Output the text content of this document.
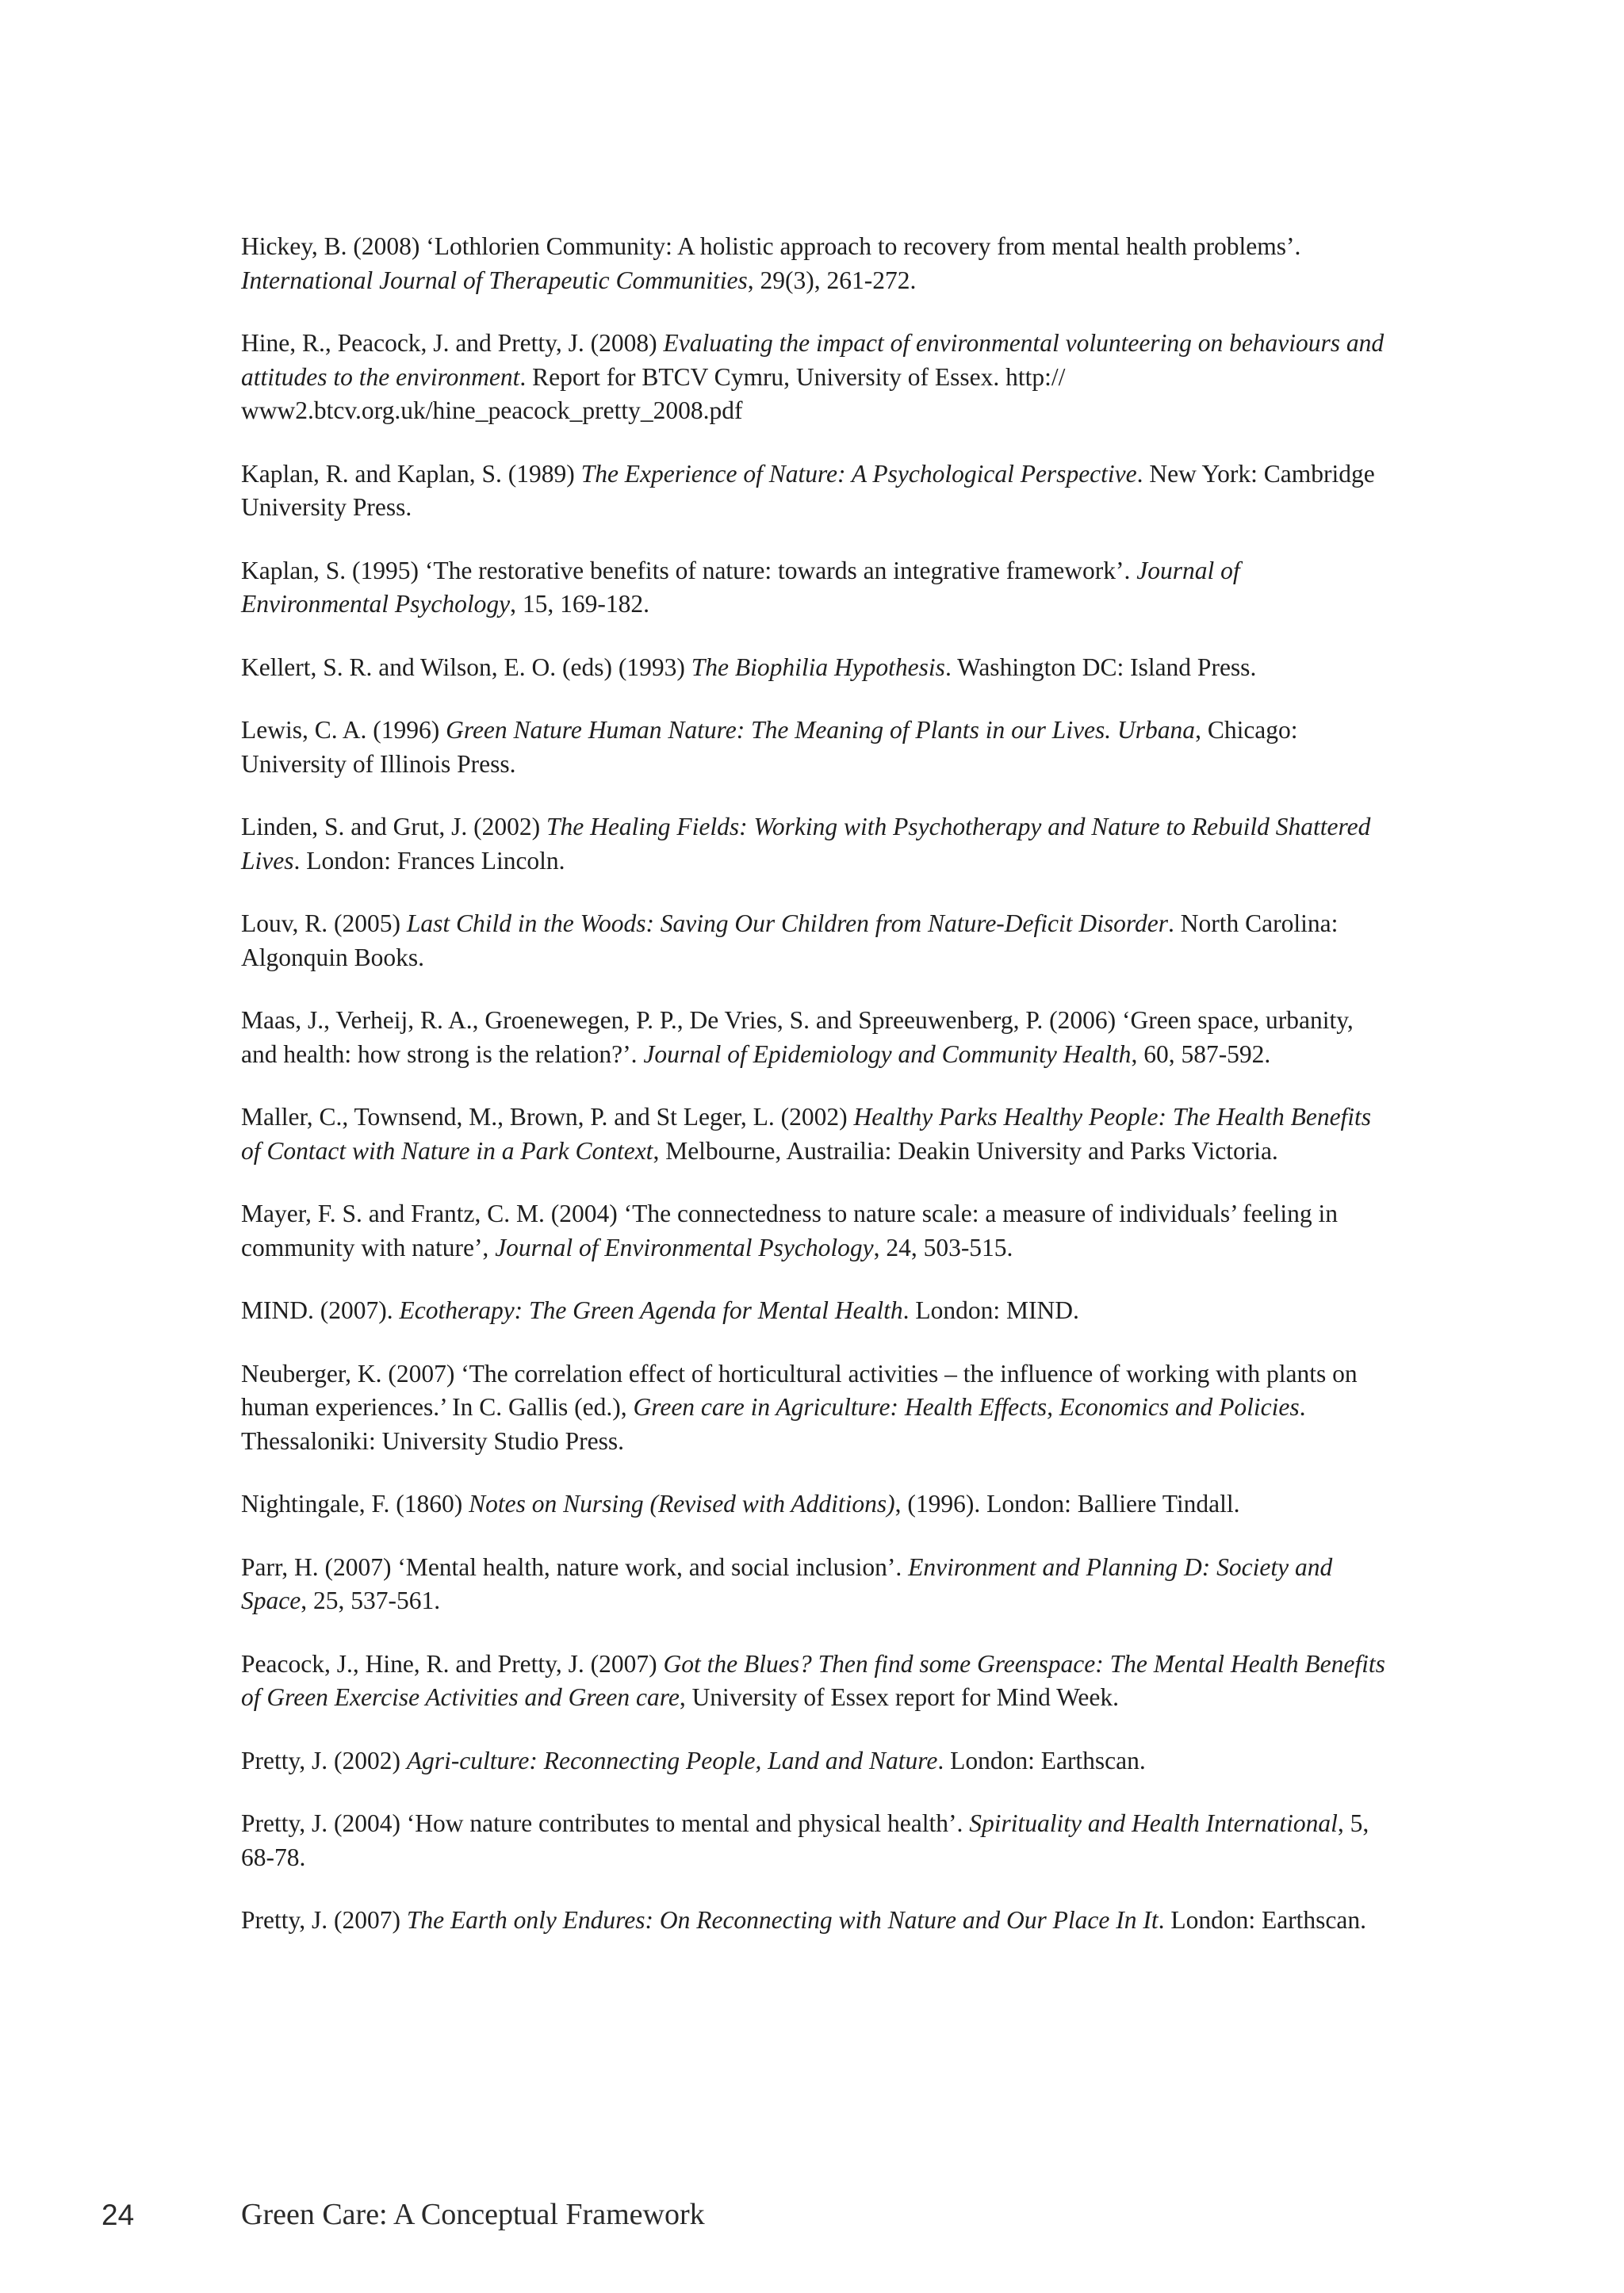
Hickey, B. (2008) ‘Lothlorien Community: A holistic approach to recovery from mental health problems’. International Journal of Therapeutic Communities, 29(3), 261-272.
Hine, R., Peacock, J. and Pretty, J. (2008) Evaluating the impact of environmental volunteering on behaviours and attitudes to the environment. Report for BTCV Cymru, University of Essex. http://
www2.btcv.org.uk/hine_peacock_pretty_2008.pdf
Kaplan, R. and Kaplan, S. (1989) The Experience of Nature: A Psychological Perspective. New York: Cambridge University Press.
Kaplan, S. (1995) ‘The restorative benefits of nature: towards an integrative framework’. Journal of Environmental Psychology, 15, 169-182.
Kellert, S. R. and Wilson, E. O. (eds) (1993) The Biophilia Hypothesis. Washington DC: Island Press.
Lewis, C. A. (1996) Green Nature Human Nature: The Meaning of Plants in our Lives. Urbana, Chicago: University of Illinois Press.
Linden, S. and Grut, J. (2002) The Healing Fields: Working with Psychotherapy and Nature to Rebuild Shattered Lives. London: Frances Lincoln.
Louv, R. (2005) Last Child in the Woods: Saving Our Children from Nature-Deficit Disorder. North Carolina: Algonquin Books.
Maas, J., Verheij, R. A., Groenewegen, P. P., De Vries, S. and Spreeuwenberg, P. (2006) ‘Green space, urbanity, and health: how strong is the relation?’. Journal of Epidemiology and Community Health, 60, 587-592.
Maller, C., Townsend, M., Brown, P. and St Leger, L. (2002) Healthy Parks Healthy People: The Health Benefits of Contact with Nature in a Park Context, Melbourne, Austrailia: Deakin University and Parks Victoria.
Mayer, F. S. and Frantz, C. M. (2004) ‘The connectedness to nature scale: a measure of individuals’ feeling in community with nature’, Journal of Environmental Psychology, 24, 503-515.
MIND. (2007). Ecotherapy: The Green Agenda for Mental Health. London: MIND.
Neuberger, K. (2007) ‘The correlation effect of horticultural activities – the influence of working with plants on human experiences.’ In C. Gallis (ed.), Green care in Agriculture: Health Effects, Economics and Policies. Thessaloniki: University Studio Press.
Nightingale, F. (1860) Notes on Nursing (Revised with Additions), (1996). London: Balliere Tindall.
Parr, H. (2007) ‘Mental health, nature work, and social inclusion’. Environment and Planning D: Society and Space, 25, 537-561.
Peacock, J., Hine, R. and Pretty, J. (2007) Got the Blues? Then find some Greenspace: The Mental Health Benefits of Green Exercise Activities and Green care, University of Essex report for Mind Week.
Pretty, J. (2002) Agri-culture: Reconnecting People, Land and Nature. London: Earthscan.
Pretty, J. (2004) ‘How nature contributes to mental and physical health’. Spirituality and Health International, 5, 68-78.
Pretty, J. (2007) The Earth only Endures: On Reconnecting with Nature and Our Place In It. London: Earthscan.
24	Green Care: A Conceptual Framework
